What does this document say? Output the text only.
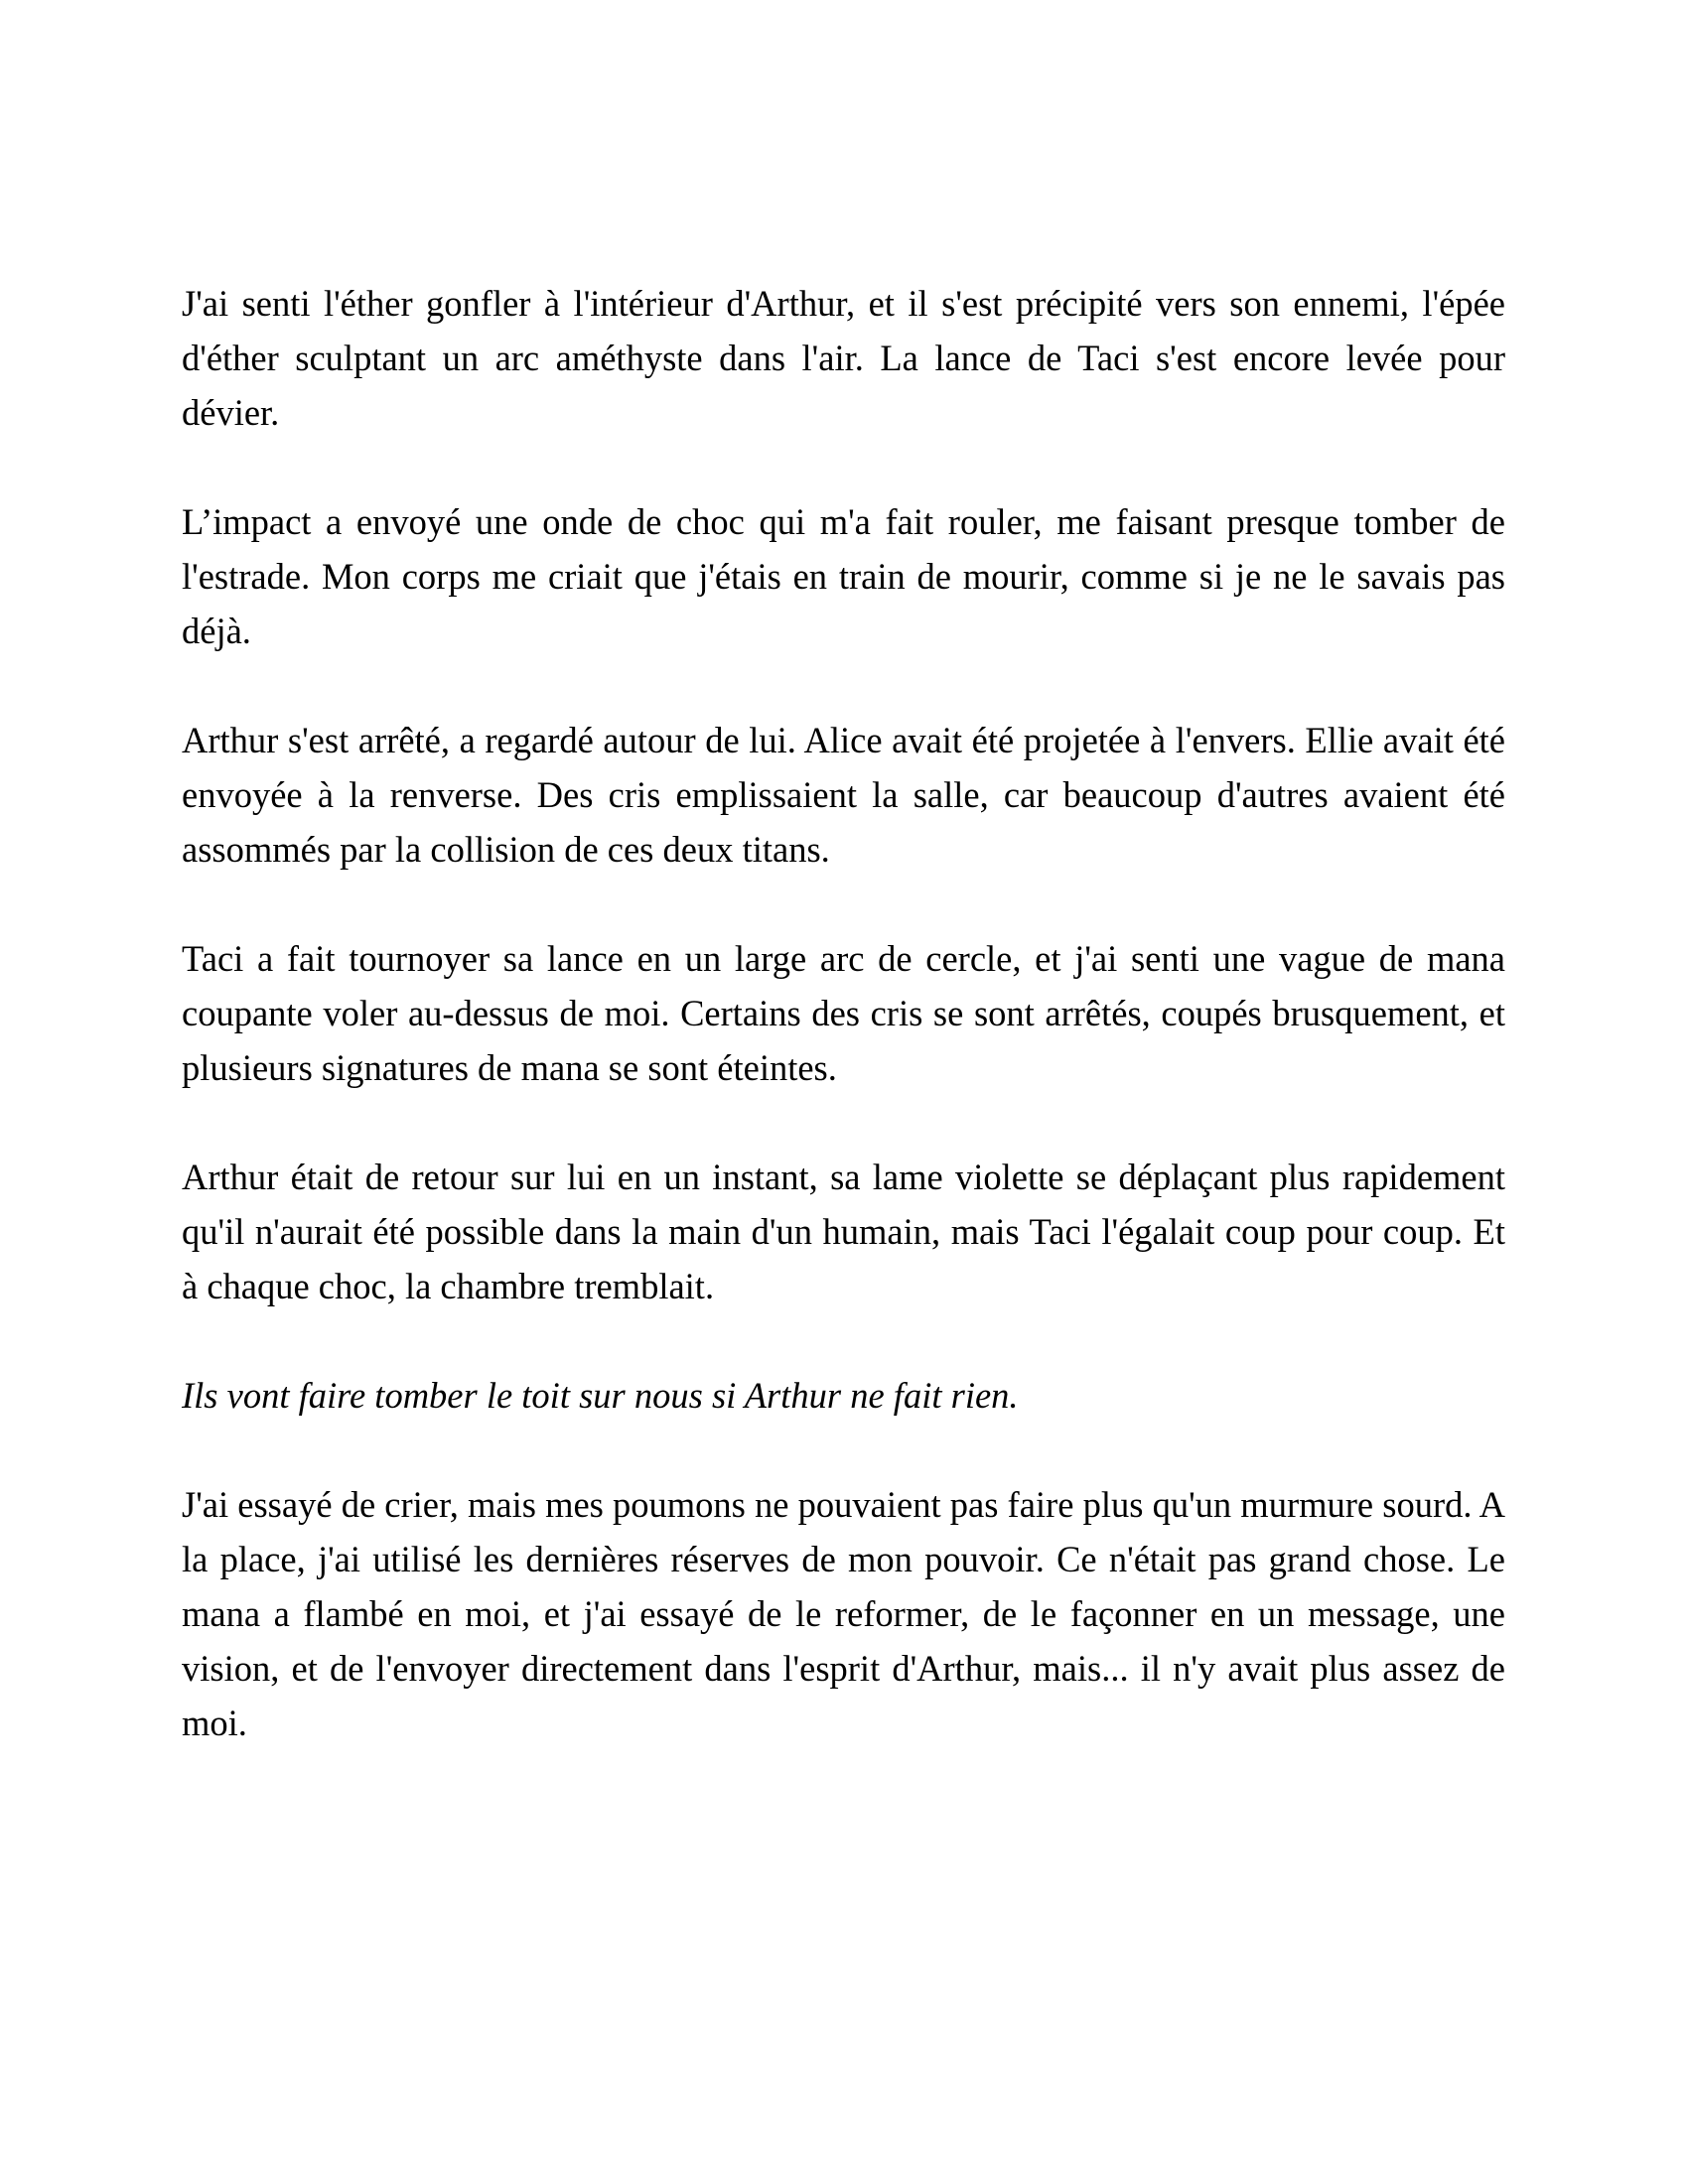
J'ai senti l'éther gonfler à l'intérieur d'Arthur, et il s'est précipité vers son ennemi, l'épée d'éther sculptant un arc améthyste dans l'air. La lance de Taci s'est encore levée pour dévier.

L’impact a envoyé une onde de choc qui m'a fait rouler, me faisant presque tomber de l'estrade. Mon corps me criait que j'étais en train de mourir, comme si je ne le savais pas déjà.

Arthur s'est arrêté, a regardé autour de lui. Alice avait été projetée à l'envers. Ellie avait été envoyée à la renverse. Des cris emplissaient la salle, car beaucoup d'autres avaient été assommés par la collision de ces deux titans.

Taci a fait tournoyer sa lance en un large arc de cercle, et j'ai senti une vague de mana coupante voler au-dessus de moi. Certains des cris se sont arrêtés, coupés brusquement, et plusieurs signatures de mana se sont éteintes.

Arthur était de retour sur lui en un instant, sa lame violette se déplaçant plus rapidement qu'il n'aurait été possible dans la main d'un humain, mais Taci l'égalait coup pour coup. Et à chaque choc, la chambre tremblait.

Ils vont faire tomber le toit sur nous si Arthur ne fait rien.

J'ai essayé de crier, mais mes poumons ne pouvaient pas faire plus qu'un murmure sourd. A la place, j'ai utilisé les dernières réserves de mon pouvoir. Ce n'était pas grand chose. Le mana a flambé en moi, et j'ai essayé de le reformer, de le façonner en un message, une vision, et de l'envoyer directement dans l'esprit d'Arthur, mais... il n'y avait plus assez de moi.
